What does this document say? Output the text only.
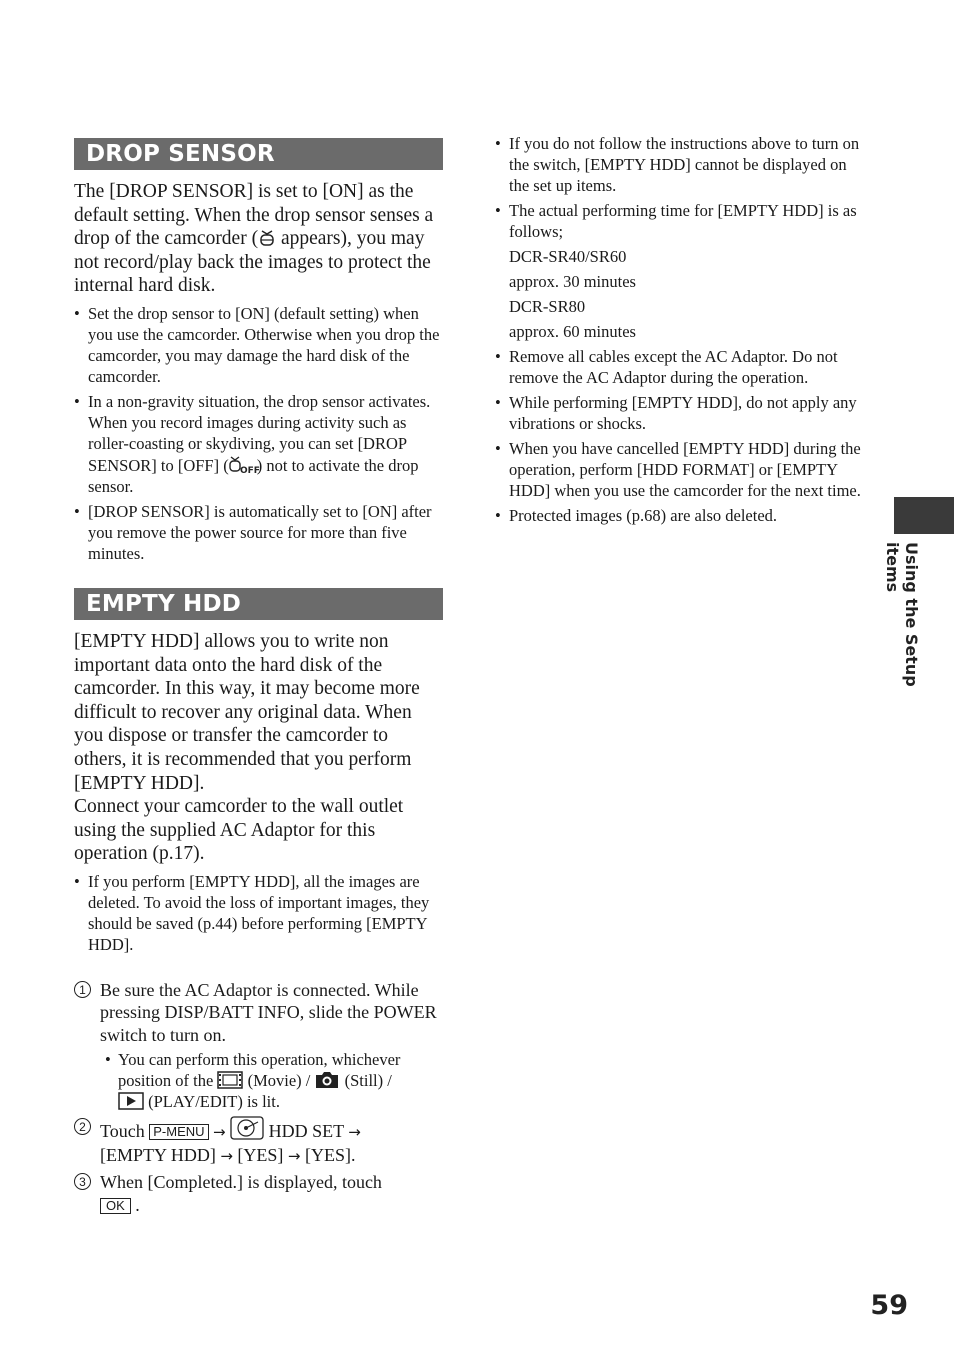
DROP SENSOR
The [DROP SENSOR] is set to [ON] as the default setting. When the drop sensor senses a drop of the camcorder ( appears), you may not record/play back the images to protect the internal hard disk.
• Set the drop sensor to [ON] (default setting) when you use the camcorder. Otherwise when you drop the camcorder, you may damage the hard disk of the camcorder.
• In a non-gravity situation, the drop sensor activates. When you record images during activity such as roller-coasting or skydiving, you can set [DROP SENSOR] to [OFF] ( OFF
) not to activate the drop sensor.
• [DROP SENSOR] is automatically set to [ON] after you remove the power source for more than five minutes.
EMPTY HDD

[EMPTY HDD] allows you to write non important data onto the hard disk of the camcorder. In this way, it may become more difficult to recover any original data. When you dispose or transfer the camcorder to others, it is recommended that you perform [EMPTY HDD].

Connect your camcorder to the wall outlet using the supplied AC Adaptor for this operation (p.17).

• If you perform [EMPTY HDD], all the images are deleted. To avoid the loss of important images, they should be saved (p.44) before performing [EMPTY HDD].
1 Be sure the AC Adaptor is connected. While pressing DISP/BATT INFO, slide the POWER switch to turn on.
• You can perform this operation, whichever position of the  (Movie) / (Still) /
(PLAY/EDIT) is lit.
2 Touch P-MENU → HDD SET →
[EMPTY HDD] → [YES] → [YES].
3 When [Completed.] is displayed, touch
OK .
• If you do not follow the instructions above to turn on the switch, [EMPTY HDD] cannot be displayed on the set up items.
• The actual performing time for [EMPTY HDD] is as follows;
DCR-SR40/SR60
approx. 30 minutes
DCR-SR80
approx. 60 minutes
• Remove all cables except the AC Adaptor. Do not remove the AC Adaptor during the operation.
• While performing [EMPTY HDD], do not apply any vibrations or shocks.
• When you have cancelled [EMPTY HDD] during the operation, perform [HDD FORMAT] or [EMPTY HDD] when you use the camcorder for the next time.
• Protected images (p.68) are also deleted.
Using the Setup items
59
